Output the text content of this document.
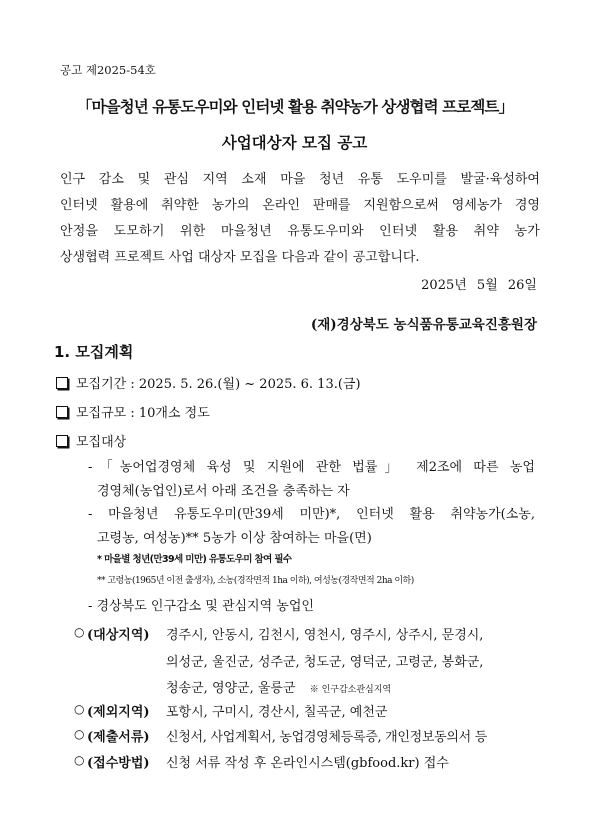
공고 제2025-54호
「마을청년 유통도우미와 인터넷 활용 취약농가 상생협력 프로젝트」
사업대상자 모집 공고
인구 감소 및 관심 지역 소재 마을 청년 유통 도우미를 발굴·육성하여
인터넷 활용에 취약한 농가의 온라인 판매를 지원함으로써 영세농가 경영
안정을 도모하기 위한 마을청년 유통도우미와 인터넷 활용 취약 농가
상생협력 프로젝트 사업 대상자 모집을 다음과 같이 공고합니다.
2025년 5월 26일
(재)경상북도 농식품유통교육진흥원장
1. 모집계획
모집기간 : 2025. 5. 26.(월) ~ 2025. 6. 13.(금)
모집규모 : 10개소 정도
모집대상
-「농어업경영체 육성 및 지원에 관한 법률」 제2조에 따른 농업
경영체(농업인)로서 아래 조건을 충족하는 자
- 마을청년 유통도우미(만39세 미만)*, 인터넷 활용 취약농가(소농,
고령농, 여성농)** 5농가 이상 참여하는 마을(면)
* 마을별 청년(만39세 미만) 유통도우미 참여 필수
** 고령농(1965년 이전 출생자), 소농(경작면적 1ha 이하), 여성농(경작면적 2ha 이하)
- 경상북도 인구감소 및 관심지역 농업인
○ (대상지역) 경주시, 안동시, 김천시, 영천시, 영주시, 상주시, 문경시,
의성군, 울진군, 성주군, 청도군, 영덕군, 고령군, 봉화군,
청송군, 영양군, 울릉군 ※ 인구감소관심지역
○ (제외지역) 포항시, 구미시, 경산시, 칠곡군, 예천군
○ (제출서류) 신청서, 사업계획서, 농업경영체등록증, 개인정보동의서 등
○ (접수방법) 신청 서류 작성 후 온라인시스템(gbfood.kr) 접수
